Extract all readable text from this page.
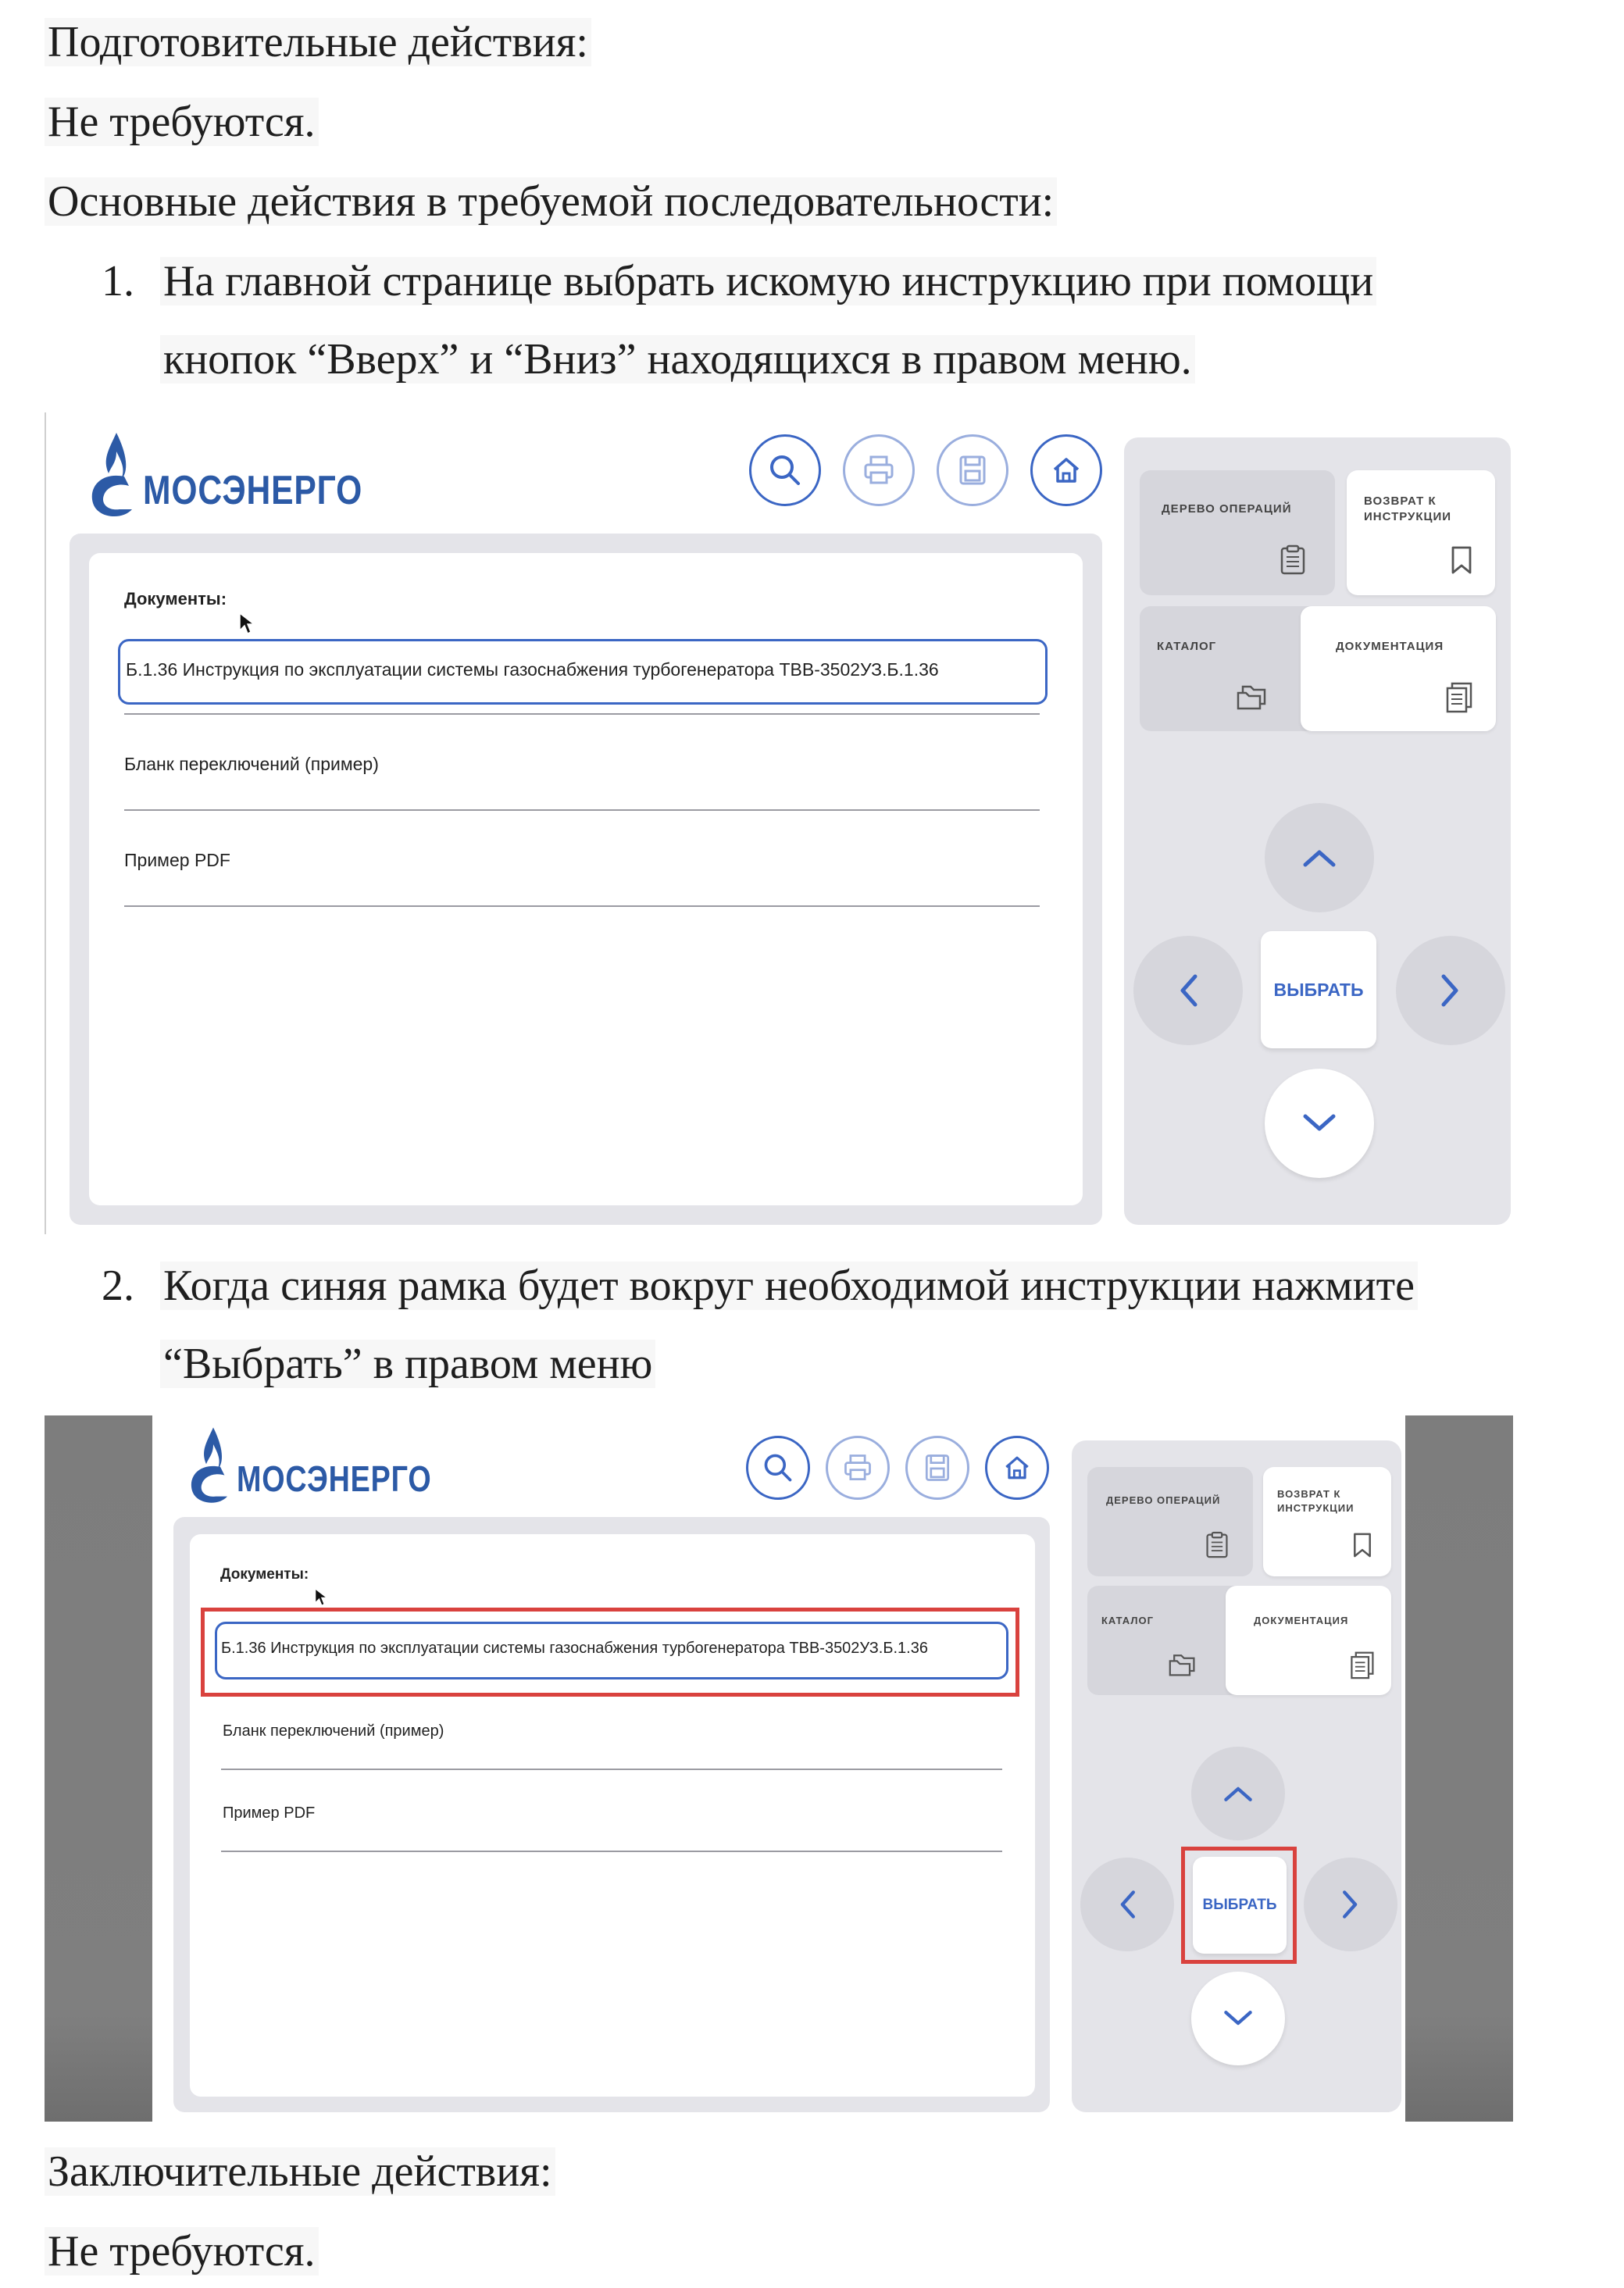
Подготовительные действия:
Не требуются.
Основные действия в требуемой последовательности:
1. На главной странице выбрать искомую инструкцию при помощи
кнопок “Вверх” и “Вниз” находящихся в правом меню.
МОСЭНЕРГО
Документы:
Б.1.36 Инструкция по эксплуатации системы газоснабжения турбогенератора ТВВ-3502УЗ.Б.1.36
Бланк переключений (пример)
Пример PDF
ДЕРЕВО ОПЕРАЦИЙ
ВОЗВРАТ К
ИНСТРУКЦИИ
КАТАЛОГ	ДОКУМЕНТАЦИЯ
ВЫБРАТЬ
2. Когда синяя рамка будет вокруг необходимой инструкции нажмите
“Выбрать” в правом меню
МОСЭНЕРГО
Документы:
Б.1.36 Инструкция по эксплуатации системы газоснабжения турбогенератора ТВВ-3502УЗ.Б.1.36
Бланк переключений (пример)
Пример PDF
ДЕРЕВО ОПЕРАЦИЙ
ВОЗВРАТ К
ИНСТРУКЦИИ
КАТАЛОГ	ДОКУМЕНТАЦИЯ
ВЫБРАТЬ
Заключительные действия:
Не требуются.
